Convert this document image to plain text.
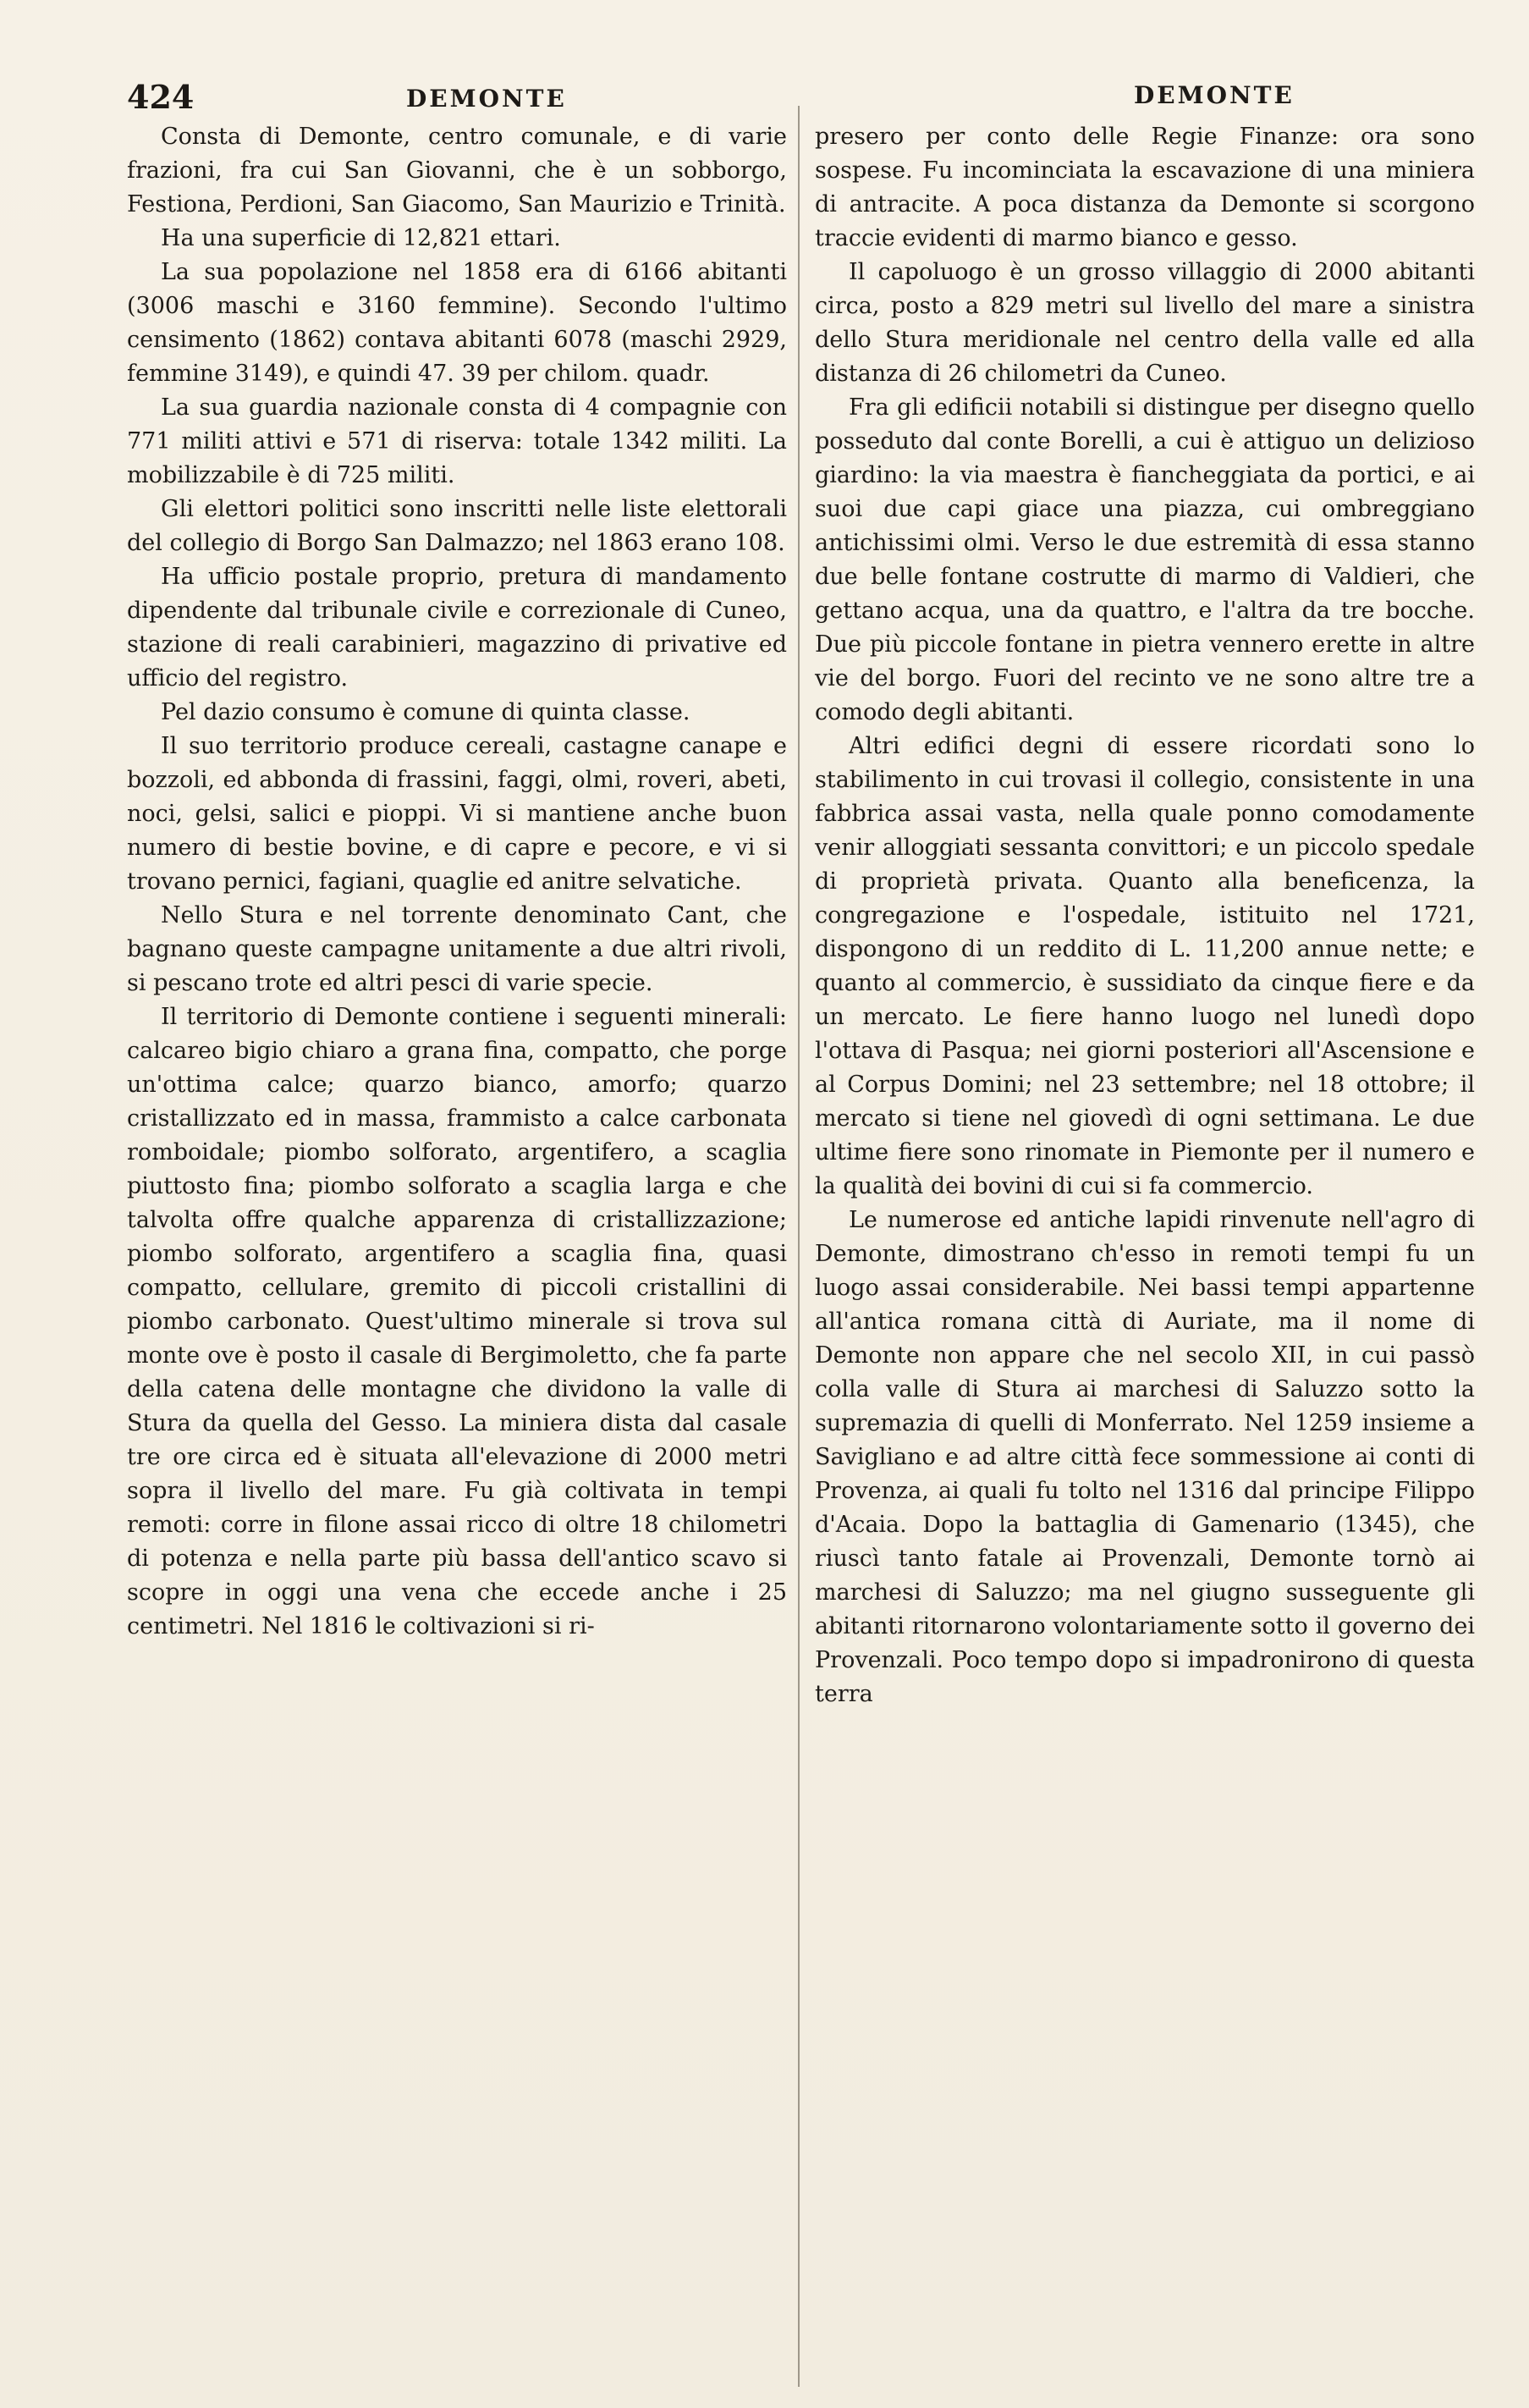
424	DEMONTE	DEMONTE

Consta di Demonte, centro comunale, e di varie frazioni, fra cui San Giovanni, che è un sobborgo, Festiona, Perdioni, San Giacomo, San Maurizio e Trinità.

Ha una superficie di 12,821 ettari.

La sua popolazione nel 1858 era di 6166 abitanti (3006 maschi e 3160 femmine). Secondo l'ultimo censimento (1862) contava abitanti 6078 (maschi 2929, femmine 3149), e quindi 47. 39 per chilom. quadr.

La sua guardia nazionale consta di 4 compagnie con 771 militi attivi e 571 di riserva: totale 1342 militi. La mobilizzabile è di 725 militi.

Gli elettori politici sono inscritti nelle liste elettorali del collegio di Borgo San Dalmazzo; nel 1863 erano 108.

Ha ufficio postale proprio, pretura di mandamento dipendente dal tribunale civile e correzionale di Cuneo, stazione di reali carabinieri, magazzino di privative ed ufficio del registro.

Pel dazio consumo è comune di quinta classe.

Il suo territorio produce cereali, castagne canape e bozzoli, ed abbonda di frassini, faggi, olmi, roveri, abeti, noci, gelsi, salici e pioppi. Vi si mantiene anche buon numero di bestie bovine, e di capre e pecore, e vi si trovano pernici, fagiani, quaglie ed anitre selvatiche.

Nello Stura e nel torrente denominato Cant, che bagnano queste campagne unitamente a due altri rivoli, si pescano trote ed altri pesci di varie specie.

Il territorio di Demonte contiene i seguenti minerali: calcareo bigio chiaro a grana fina, compatto, che porge un'ottima calce; quarzo bianco, amorfo; quarzo cristallizzato ed in massa, frammisto a calce carbonata romboidale; piombo solforato, argentifero, a scaglia piuttosto fina; piombo solforato a scaglia larga e che talvolta offre qualche apparenza di cristallizzazione; piombo solforato, argentifero a scaglia fina, quasi compatto, cellulare, gremito di piccoli cristallini di piombo carbonato. Quest'ultimo minerale si trova sul monte ove è posto il casale di Bergimoletto, che fa parte della catena delle montagne che dividono la valle di Stura da quella del Gesso. La miniera dista dal casale tre ore circa ed è situata all'elevazione di 2000 metri sopra il livello del mare. Fu già coltivata in tempi remoti: corre in filone assai ricco di oltre 18 chilometri di potenza e nella parte più bassa dell'antico scavo si scopre in oggi una vena che eccede anche i 25 centimetri. Nel 1816 le coltivazioni si ri-

presero per conto delle Regie Finanze: ora sono sospese. Fu incominciata la escavazione di una miniera di antracite. A poca distanza da Demonte si scorgono traccie evidenti di marmo bianco e gesso.

Il capoluogo è un grosso villaggio di 2000 abitanti circa, posto a 829 metri sul livello del mare a sinistra dello Stura meridionale nel centro della valle ed alla distanza di 26 chilometri da Cuneo.

Fra gli edificii notabili si distingue per disegno quello posseduto dal conte Borelli, a cui è attiguo un delizioso giardino: la via maestra è fiancheggiata da portici, e ai suoi due capi giace una piazza, cui ombreggiano antichissimi olmi. Verso le due estremità di essa stanno due belle fontane costrutte di marmo di Valdieri, che gettano acqua, una da quattro, e l'altra da tre bocche. Due più piccole fontane in pietra vennero erette in altre vie del borgo. Fuori del recinto ve ne sono altre tre a comodo degli abitanti.

Altri edifici degni di essere ricordati sono lo stabilimento in cui trovasi il collegio, consistente in una fabbrica assai vasta, nella quale ponno comodamente venir alloggiati sessanta convittori; e un piccolo spedale di proprietà privata. Quanto alla beneficenza, la congregazione e l'ospedale, istituito nel 1721, dispongono di un reddito di L. 11,200 annue nette; e quanto al commercio, è sussidiato da cinque fiere e da un mercato. Le fiere hanno luogo nel lunedì dopo l'ottava di Pasqua; nei giorni posteriori all'Ascensione e al Corpus Domini; nel 23 settembre; nel 18 ottobre; il mercato si tiene nel giovedì di ogni settimana. Le due ultime fiere sono rinomate in Piemonte per il numero e la qualità dei bovini di cui si fa commercio.

Le numerose ed antiche lapidi rinvenute nell'agro di Demonte, dimostrano ch'esso in remoti tempi fu un luogo assai considerabile. Nei bassi tempi appartenne all'antica romana città di Auriate, ma il nome di Demonte non appare che nel secolo XII, in cui passò colla valle di Stura ai marchesi di Saluzzo sotto la supremazia di quelli di Monferrato. Nel 1259 insieme a Savigliano e ad altre città fece sommessione ai conti di Provenza, ai quali fu tolto nel 1316 dal principe Filippo d'Acaia. Dopo la battaglia di Gamenario (1345), che riuscì tanto fatale ai Provenzali, Demonte tornò ai marchesi di Saluzzo; ma nel giugno susseguente gli abitanti ritornarono volontariamente sotto il governo dei Provenzali. Poco tempo dopo si impadronirono di questa terra
